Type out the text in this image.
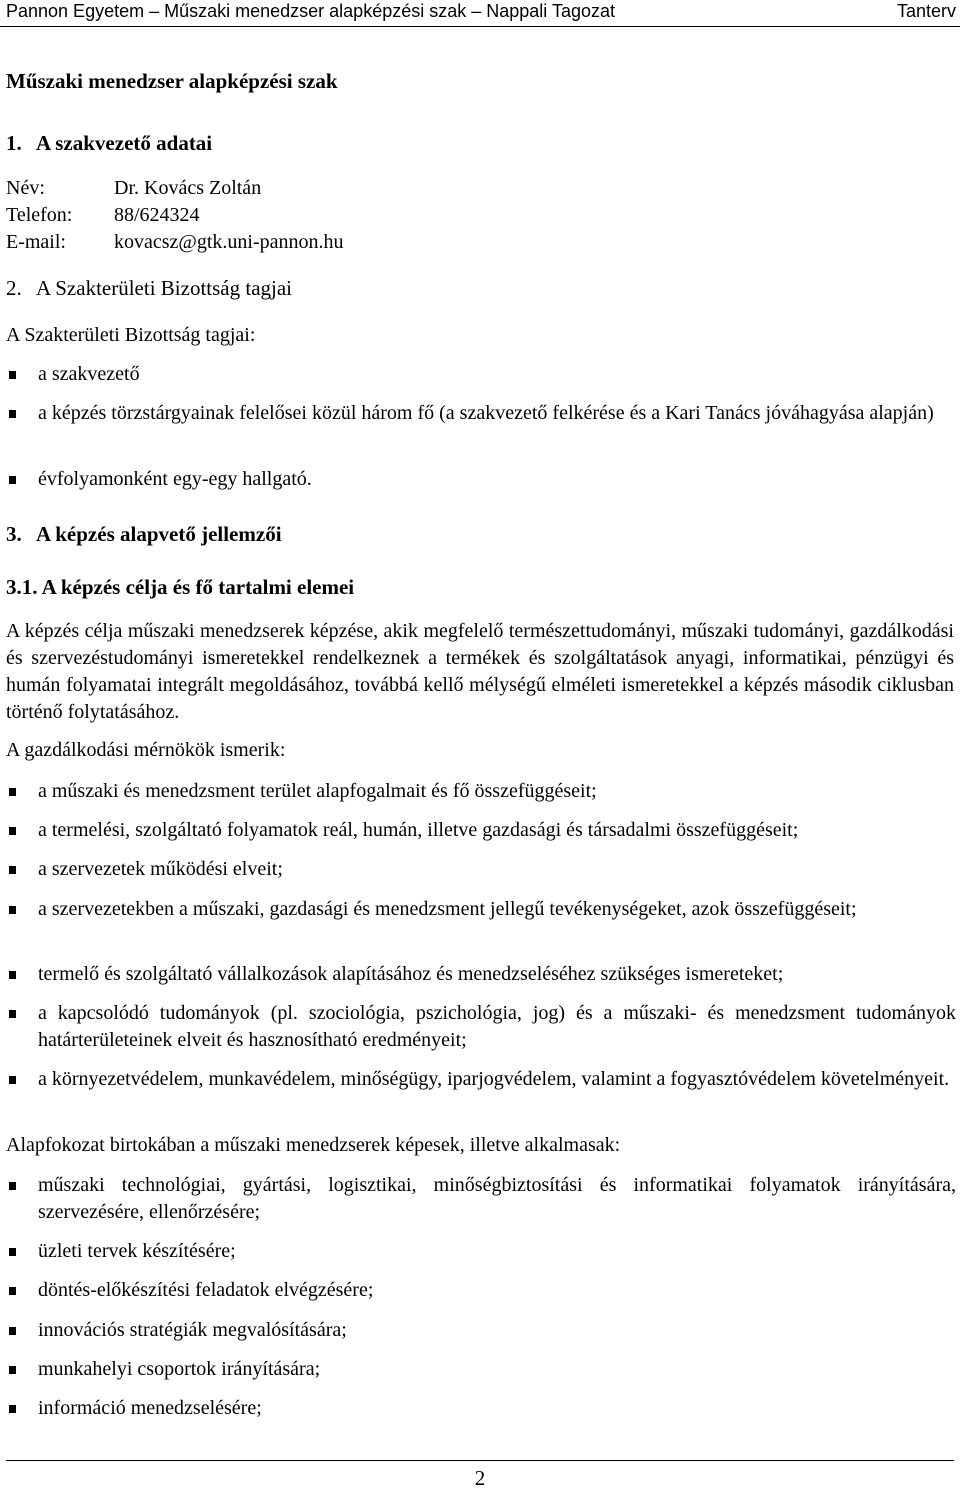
Pannon Egyetem – Műszaki menedzser alapképzési szak – Nappali Tagozat	Tanterv
Műszaki menedzser alapképzési szak
1. A szakvezető adatai
Név:	Dr. Kovács Zoltán
Telefon: 88/624324
E-mail: kovacsz@gtk.uni-pannon.hu
2. A Szakterületi Bizottság tagjai
A Szakterületi Bizottság tagjai:
a szakvezető
a képzés törzstárgyainak felelősei közül három fő (a szakvezető felkérése és a Kari Tanács jóváhagyása alapján)
évfolyamonként egy-egy hallgató.
3. A képzés alapvető jellemzői
3.1. A képzés célja és fő tartalmi elemei
A képzés célja műszaki menedzserek képzése, akik megfelelő természettudományi, műszaki tudományi, gazdálkodási és szervezéstudományi ismeretekkel rendelkeznek a termékek és szolgáltatások anyagi, informatikai, pénzügyi és humán folyamatai integrált megoldásához, továbbá kellő mélységű elméleti ismeretekkel a képzés második ciklusban történő folytatásához.
A gazdálkodási mérnökök ismerik:
a műszaki és menedzsment terület alapfogalmait és fő összefüggéseit;
a termelési, szolgáltató folyamatok reál, humán, illetve gazdasági és társadalmi összefüggéseit;
a szervezetek működési elveit;
a szervezetekben a műszaki, gazdasági és menedzsment jellegű tevékenységeket, azok összefüggéseit;
termelő és szolgáltató vállalkozások alapításához és menedzseléséhez szükséges ismereteket;
a kapcsolódó tudományok (pl. szociológia, pszichológia, jog) és a műszaki- és menedzsment tudományok határterületeinek elveit és hasznosítható eredményeit;
a környezetvédelem, munkavédelem, minőségügy, iparjogvédelem, valamint a fogyasztóvédelem követelményeit.
Alapfokozat birtokában a műszaki menedzserek képesek, illetve alkalmasak:
műszaki technológiai, gyártási, logisztikai, minőségbiztosítási és informatikai folyamatok irányítására, szervezésére, ellenőrzésére;
üzleti tervek készítésére;
döntés-előkészítési feladatok elvégzésére;
innovációs stratégiák megvalósítására;
munkahelyi csoportok irányítására;
információ menedzselésére;
2
